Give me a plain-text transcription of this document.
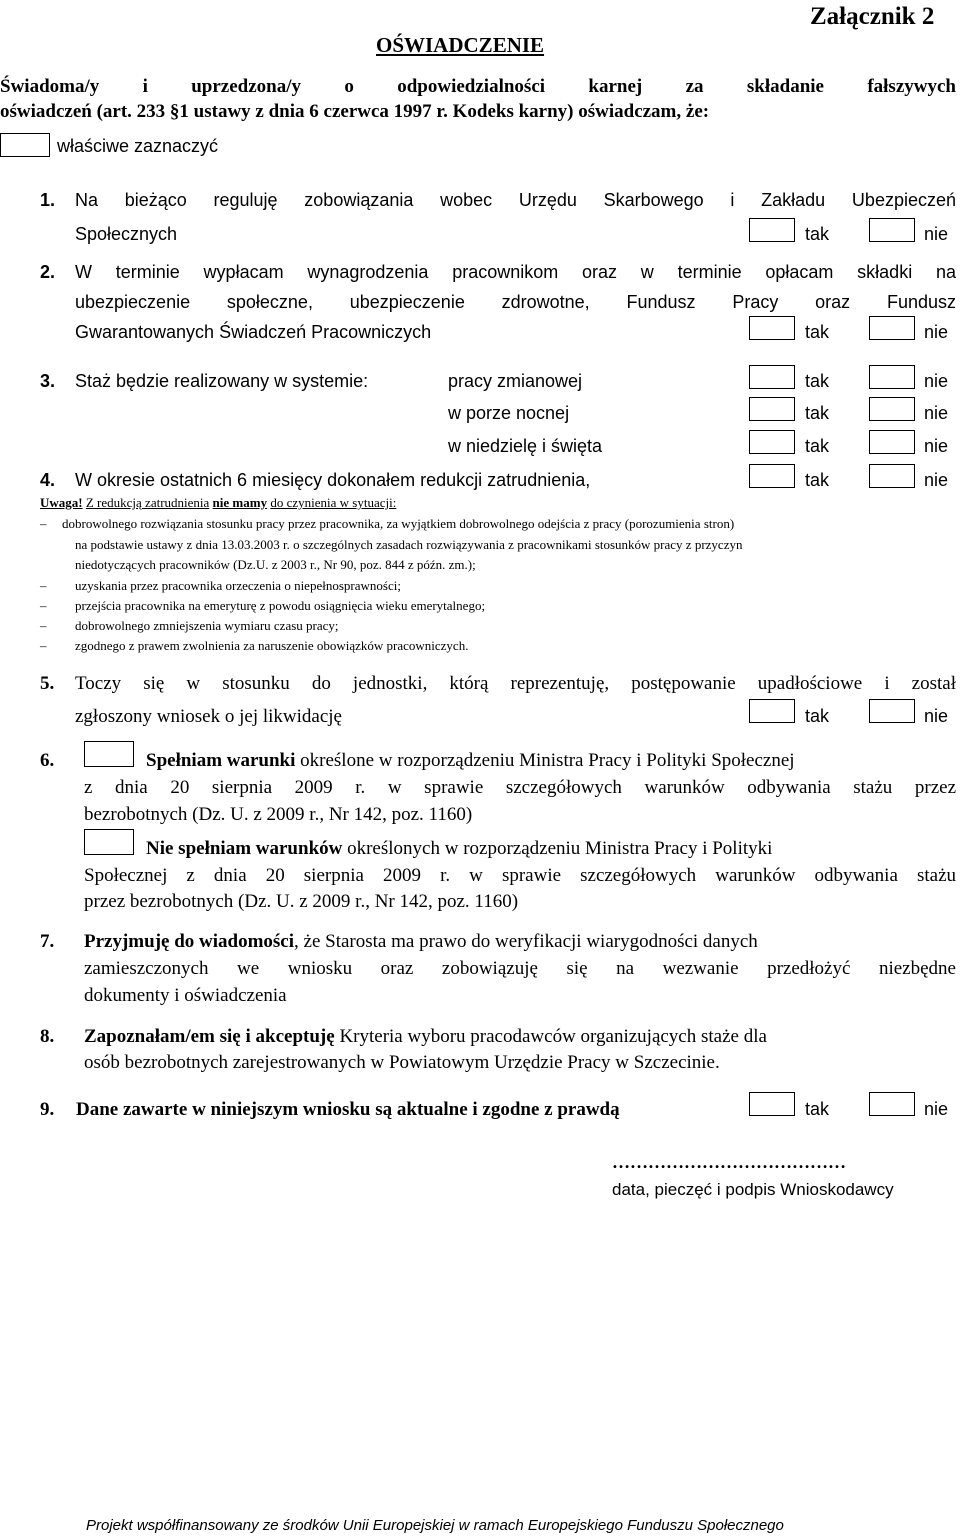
Załącznik 2
OŚWIADCZENIE
Świadoma/y i uprzedzona/y o odpowiedzialności karnej za składanie fałszywych
oświadczeń (art. 233 §1 ustawy z dnia 6 czerwca 1997 r. Kodeks karny) oświadczam, że:
właściwe zaznaczyć
1. Na bieżąco reguluję zobowiązania wobec Urzędu Skarbowego i Zakładu Ubezpieczeń
Społecznych	tak	nie
2. W terminie wypłacam wynagrodzenia pracownikom oraz w terminie opłacam składki na
ubezpieczenie społeczne, ubezpieczenie zdrowotne, Fundusz Pracy oraz Fundusz
Gwarantowanych Świadczeń Pracowniczych	tak	nie
3. Staż będzie realizowany w systemie:	pracy zmianowej	tak	nie
w porze nocnej	tak	nie
w niedzielę i święta	tak	nie
4. W okresie ostatnich 6 miesięcy dokonałem redukcji zatrudnienia,	tak	nie
Uwaga! Z redukcją zatrudnienia nie mamy do czynienia w sytuacji:
– dobrowolnego rozwiązania stosunku pracy przez pracownika, za wyjątkiem dobrowolnego odejścia z pracy (porozumienia stron)
na podstawie ustawy z dnia 13.03.2003 r. o szczególnych zasadach rozwiązywania z pracownikami stosunków pracy z przyczyn
niedotyczących pracowników (Dz.U. z 2003 r., Nr 90, poz. 844 z późn. zm.);
– uzyskania przez pracownika orzeczenia o niepełnosprawności;
– przejścia pracownika na emeryturę z powodu osiągnięcia wieku emerytalnego;
– dobrowolnego zmniejszenia wymiaru czasu pracy;
– zgodnego z prawem zwolnienia za naruszenie obowiązków pracowniczych.
5. Toczy się w stosunku do jednostki, którą reprezentuję, postępowanie upadłościowe i został
zgłoszony wniosek o jej likwidację	tak	nie
6.	Spełniam warunki określone w rozporządzeniu Ministra Pracy i Polityki Społecznej
z dnia 20 sierpnia 2009 r. w sprawie szczegółowych warunków odbywania stażu przez
bezrobotnych (Dz. U. z 2009 r., Nr 142, poz. 1160)
Nie spełniam warunków określonych w rozporządzeniu Ministra Pracy i Polityki
Społecznej z dnia 20 sierpnia 2009 r. w sprawie szczegółowych warunków odbywania stażu
przez bezrobotnych (Dz. U. z 2009 r., Nr 142, poz. 1160)
7. Przyjmuję do wiadomości, że Starosta ma prawo do weryfikacji wiarygodności danych
zamieszczonych we wniosku oraz zobowiązuję się na wezwanie przedłożyć niezbędne
dokumenty i oświadczenia
8. Zapoznałam/em się i akceptuję Kryteria wyboru pracodawców organizujących staże dla
osób bezrobotnych zarejestrowanych w Powiatowym Urzędzie Pracy w Szczecinie.
9. Dane zawarte w niniejszym wniosku są aktualne i zgodne z prawdą	tak	nie
…………………………………
data, pieczęć i podpis Wnioskodawcy
Projekt współfinansowany ze środków Unii Europejskiej w ramach Europejskiego Funduszu Społecznego
